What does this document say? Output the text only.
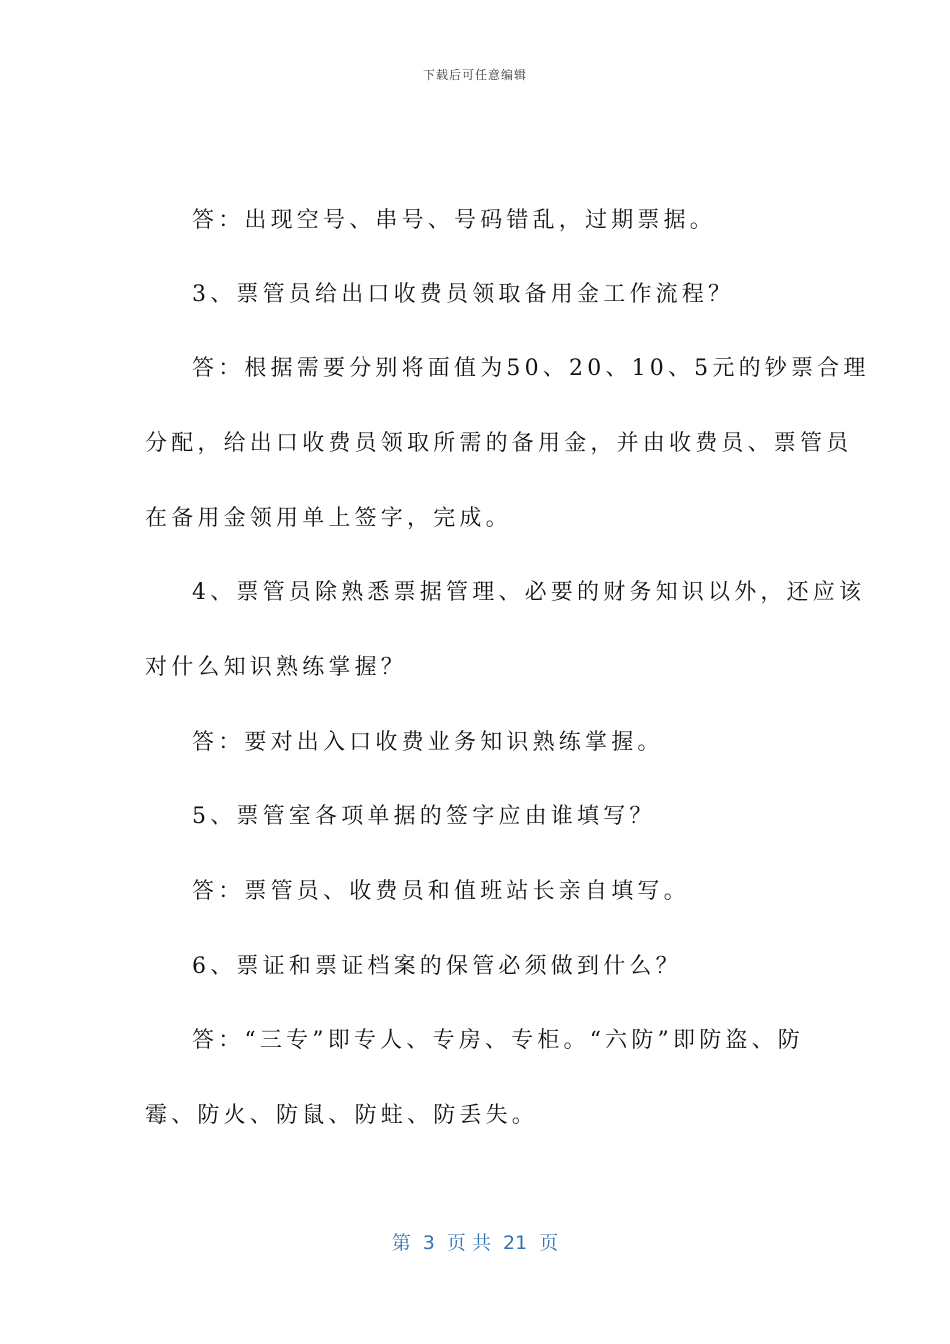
下载后可任意编辑
答：出现空号、串号、号码错乱，过期票据。
3、票管员给出口收费员领取备用金工作流程？
答：根据需要分别将面值为50、20、10、5元的钞票合理
分配，给出口收费员领取所需的备用金，并由收费员、票管员
在备用金领用单上签字，完成。
4、票管员除熟悉票据管理、必要的财务知识以外，还应该
对什么知识熟练掌握？
答：要对出入口收费业务知识熟练掌握。
5、票管室各项单据的签字应由谁填写？
答：票管员、收费员和值班站长亲自填写。
6、票证和票证档案的保管必须做到什么？
答：“三专”即专人、专房、专柜。“六防”即防盗、防
霉、防火、防鼠、防蛀、防丢失。
第  3  页 共  21  页
